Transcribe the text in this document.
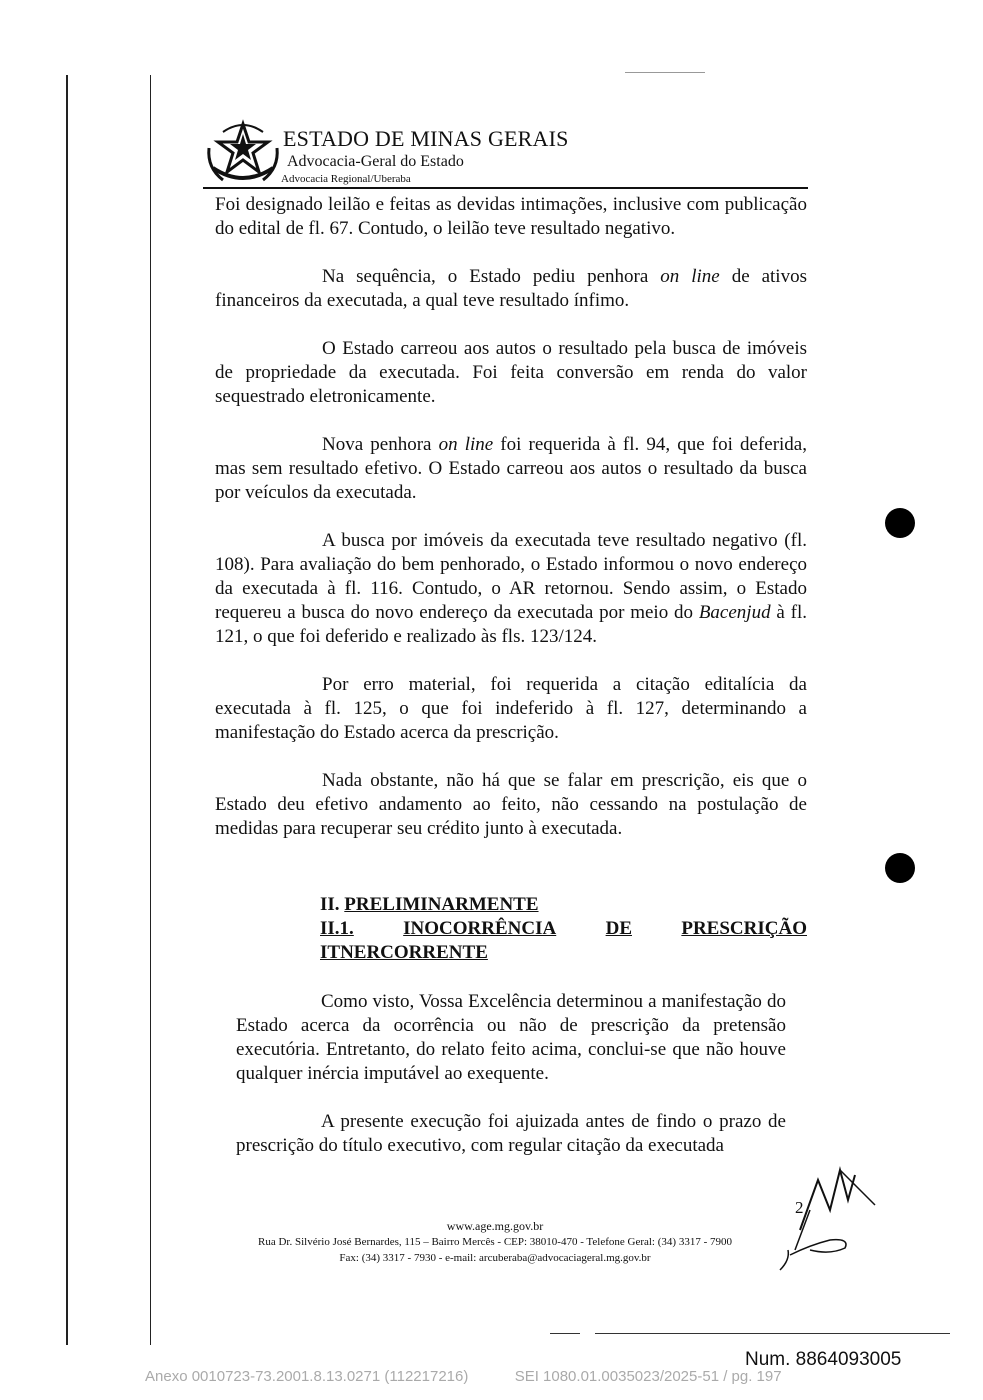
ESTADO DE MINAS GERAIS
Advocacia-Geral do Estado
Advocacia Regional/Uberaba

Foi designado leilão e feitas as devidas intimações, inclusive com publicação do edital de fl. 67. Contudo, o leilão teve resultado negativo.

Na sequência, o Estado pediu penhora on line de ativos financeiros da executada, a qual teve resultado ínfimo.

O Estado carreou aos autos o resultado pela busca de imóveis de propriedade da executada. Foi feita conversão em renda do valor sequestrado eletronicamente.

Nova penhora on line foi requerida à fl. 94, que foi deferida, mas sem resultado efetivo. O Estado carreou aos autos o resultado da busca por veículos da executada.

A busca por imóveis da executada teve resultado negativo (fl. 108). Para avaliação do bem penhorado, o Estado informou o novo endereço da executada à fl. 116. Contudo, o AR retornou. Sendo assim, o Estado requereu a busca do novo endereço da executada por meio do Bacenjud à fl. 121, o que foi deferido e realizado às fls. 123/124.

Por erro material, foi requerida a citação editalícia da executada à fl. 125, o que foi indeferido à fl. 127, determinando a manifestação do Estado acerca da prescrição.

Nada obstante, não há que se falar em prescrição, eis que o Estado deu efetivo andamento ao feito, não cessando na postulação de medidas para recuperar seu crédito junto à executada.

II. PRELIMINARMENTE
II.1.	INOCORRÊNCIA	DE	PRESCRIÇÃO
ITNERCORRENTE

Como visto, Vossa Excelência determinou a manifestação do Estado acerca da ocorrência ou não de prescrição da pretensão executória. Entretanto, do relato feito acima, conclui-se que não houve qualquer inércia imputável ao exequente.

A presente execução foi ajuizada antes de findo o prazo de prescrição do título executivo, com regular citação da executada

2
www.age.mg.gov.br
Rua Dr. Silvério José Bernardes, 115 – Bairro Mercês - CEP: 38010-470 - Telefone Geral: (34) 3317 - 7900
Fax: (34) 3317 - 7930 - e-mail: arcuberaba@advocaciageral.mg.gov.br
Num. 8864093005
Anexo 0010723-73.2001.8.13.0271 (112217216)	SEI 1080.01.0035023/2025-51 / pg. 197
